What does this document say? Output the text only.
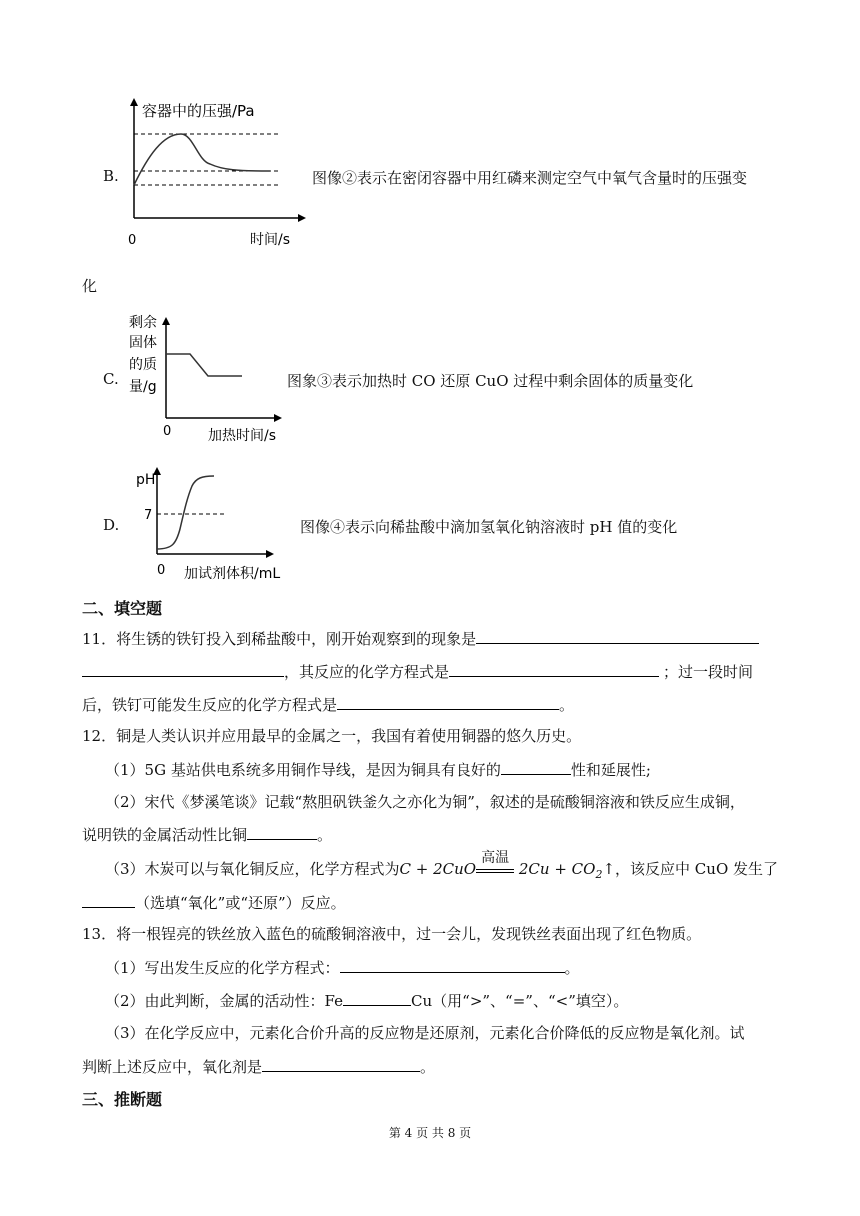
B.
容器中的压强/Pa
时间/s
0
图像②表示在密闭容器中用红磷来测定空气中氧气含量时的压强变
化
C.
剩余
固体
的质
量/g
加热时间/s
0
图象③表示加热时 CO 还原 CuO 过程中剩余固体的质量变化
D.
pH
7
加试剂体积/mL
0
图像④表示向稀盐酸中滴加氢氧化钠溶液时 pH 值的变化
二、填空题
11．将生锈的铁钉投入到稀盐酸中，刚开始观察到的现象是
，其反应的化学方程式是	；过一段时间
后，铁钉可能发生反应的化学方程式是	。
12．铜是人类认识并应用最早的金属之一，我国有着使用铜器的悠久历史。
（1）5G 基站供电系统多用铜作导线，是因为铜具有良好的	性和延展性;
（2）宋代《梦溪笔谈》记载“熬胆矾铁釜久之亦化为铜”，叙述的是硫酸铜溶液和铁反应生成铜，
说明铁的金属活动性比铜	。
（3）木炭可以与氧化铜反应，化学方程式为C + 2CuO
高温
$2Cu + CO_2↑$，该反应中 CuO 发生了
（选填“氧化”或“还原”）反应。
13．将一根锃亮的铁丝放入蓝色的硫酸铜溶液中，过一会儿，发现铁丝表面出现了红色物质。
（1）写出发生反应的化学方程式：	。
（2）由此判断，金属的活动性：Fe	Cu（用“>”、“=”、“<”填空）。
（3）在化学反应中，元素化合价升高的反应物是还原剂，元素化合价降低的反应物是氧化剂。试
判断上述反应中，氧化剂是	。
三、推断题
第 4 页 共 8 页
